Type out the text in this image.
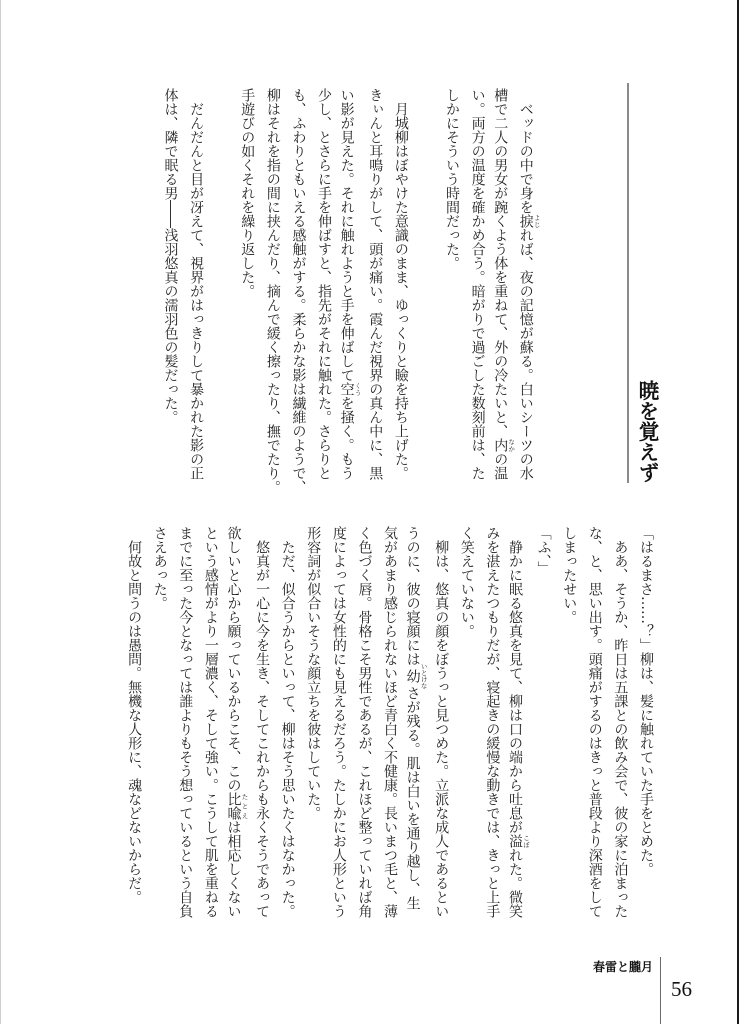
暁を覚えず
ベッドの中で身を捩 よじれば、夜の記憶が蘇る。白いシーツの水
槽で二人の男女が踠くよう体を重ねて、外の冷たいと、内 なかの温
い。両方の温度を確かめ合う。暗がりで過ごした数刻前は、た
しかにそういう時間だった。
月城柳はぼやけた意識のまま、ゆっくりと瞼を持ち上げた。
きぃんと耳鳴りがして、頭が痛い。霞んだ視界の真ん中に、黒
い影が見えた。それに触れようと手を伸ばして空 くうを掻く。もう
少し、とさらに手を伸ばすと、指先がそれに触れた。さらりと
も、ふわりともいえる感触がする。柔らかな影は繊維のようで、
柳はそれを指の間に挟んだり、摘んで緩く擦ったり、撫でたり。
手遊びの如くそれを繰り返した。
だんだんと目が冴えて、視界がはっきりして暴かれた影の正
体は、隣で眠る男――浅羽悠真の濡羽色の髪だった。
「はるまさ……？」柳は、髪に触れていた手をとめた。
ああ、そうか、昨日は五課との飲み会で、彼の家に泊まった
な、と、思い出す。頭痛がするのはきっと普段より深酒をして
しまったせい。
「ふ、」
静かに眠る悠真を見て、柳は口の端から吐息が溢 こぼれた。微笑
みを湛えたつもりだが、寝起きの緩慢な動きでは、きっと上手
く笑えていない。
柳は、悠真の顔をぼうっと見つめた。立派な成人であるとい
うのに、彼の寝顔には幼 いとけなさが残る。肌は白いを通り越し、生
気があまり感じられないほど青白く不健康。長いまつ毛と、薄
く色づく唇。骨格こそ男性であるが、これほど整っていれば角
度によっては女性的にも見えるだろう。たしかにお人形という
形容詞が似合いそうな顔立ちを彼はしていた。
ただ、似合うからといって、柳はそう思いたくはなかった。
悠真が一心に今を生き、そしてこれからも永くそうであって
欲しいと心から願っているからこそ、この比喩 たとえは相応しくない
という感情がより一層濃く、そして強い。こうして肌を重ねる
までに至った今となっては誰よりもそう想っているという自負
さえあった。
何故と問うのは愚問。無機な人形に、魂などないからだ。
春雷と朧月
56
